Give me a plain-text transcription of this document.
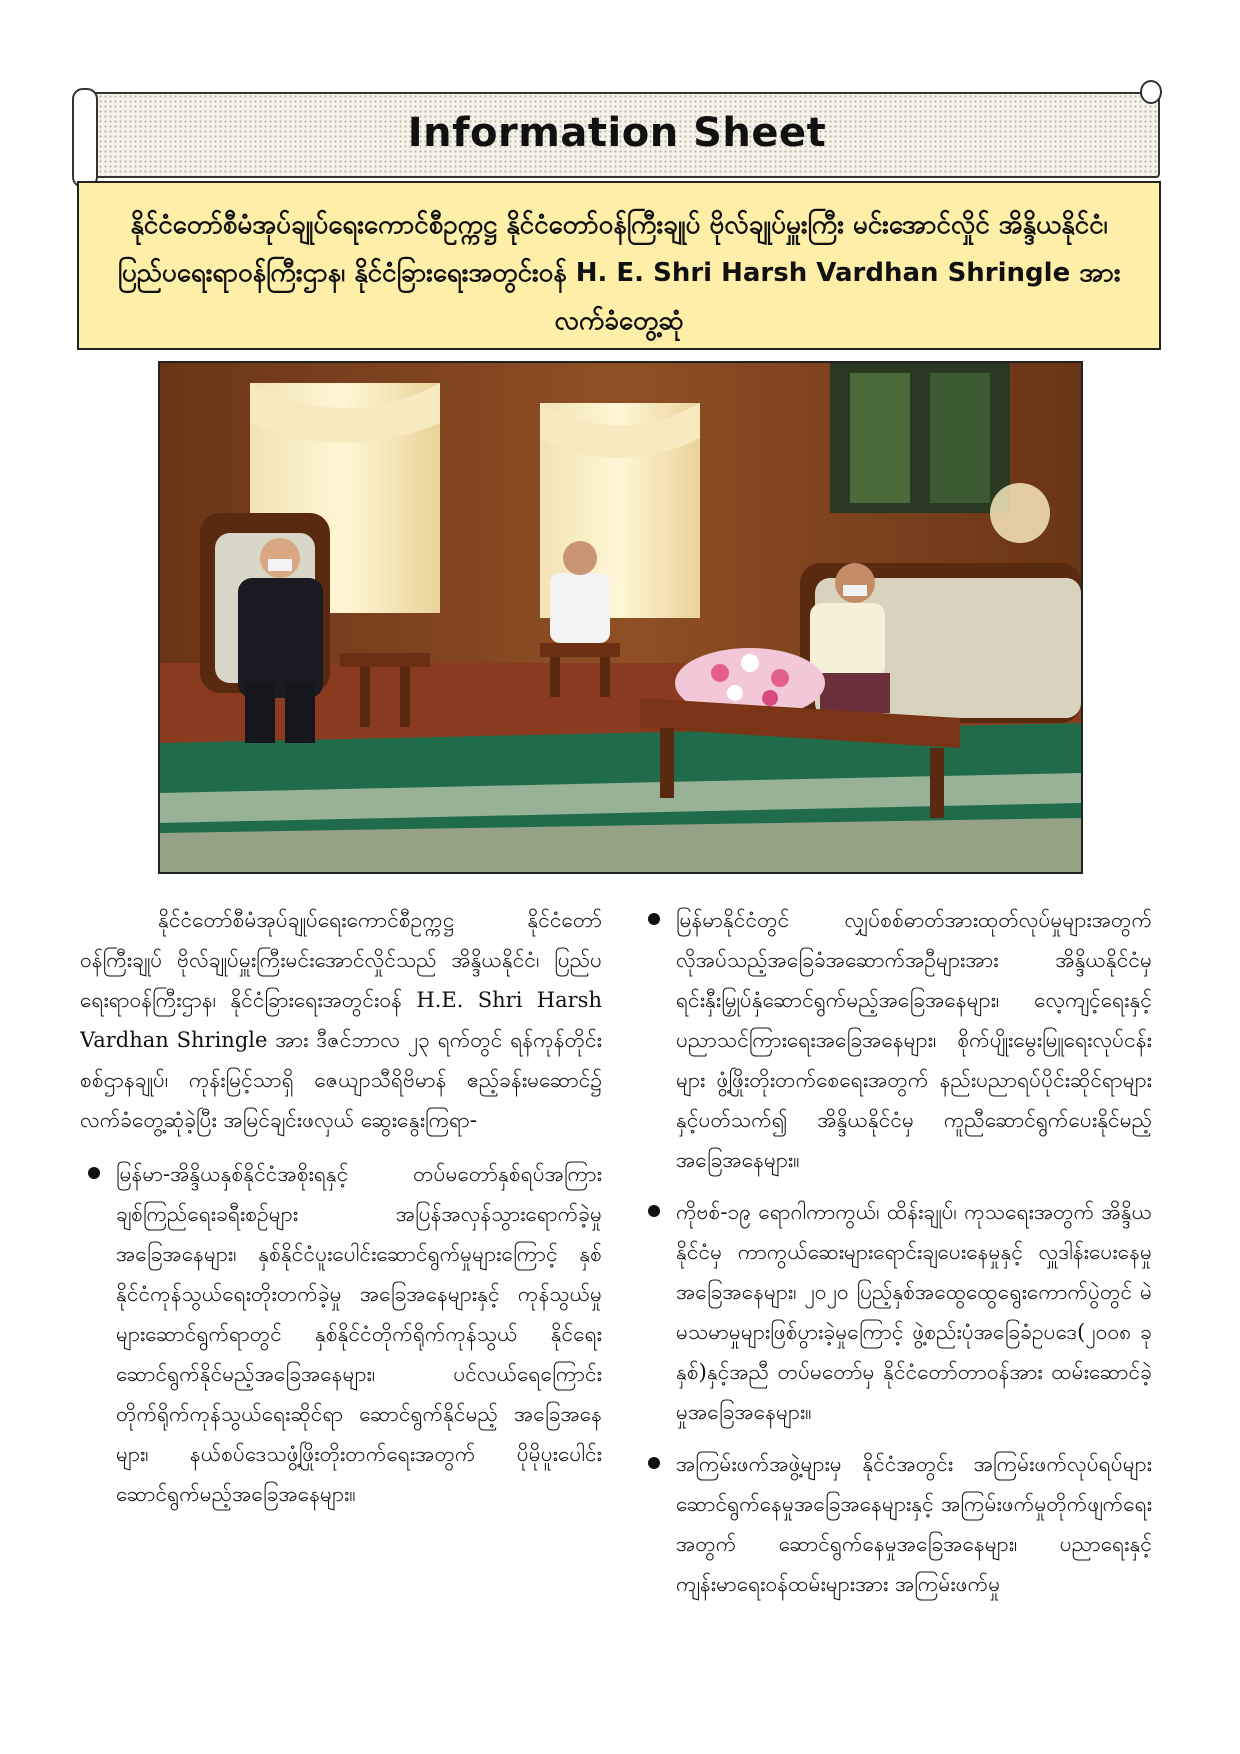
Information Sheet
နိုင်ငံတော်စီမံအုပ်ချုပ်ရေးကောင်စီဥက္ကဋ္ဌ နိုင်ငံတော်ဝန်ကြီးချုပ် ဗိုလ်ချုပ်မှူးကြီး မင်းအောင်လှိုင် အိန္ဒိယနိုင်ငံ၊ ပြည်ပရေးရာဝန်ကြီးဌာန၊ နိုင်ငံခြားရေးအတွင်းဝန် H. E. Shri Harsh Vardhan Shringle အား လက်ခံတွေ့ဆုံ

နိုင်ငံတော်စီမံအုပ်ချုပ်ရေးကောင်စီဥက္ကဋ္ဌ နိုင်ငံတော်ဝန်ကြီးချုပ် ဗိုလ်ချုပ်မှူးကြီးမင်းအောင်လှိုင်သည် အိန္ဒိယနိုင်ငံ၊ ပြည်ပရေးရာဝန်ကြီးဌာန၊ နိုင်ငံခြားရေးအတွင်းဝန် H.E. Shri Harsh Vardhan Shringle အား ဒီဇင်ဘာလ ၂၃ ရက်တွင် ရန်ကုန်တိုင်းစစ်ဌာနချုပ်၊ ကုန်းမြင့်သာရှိ ဇေယျာသီရိဗိမာန် ဧည့်ခန်းမဆောင်၌ လက်ခံတွေ့ဆုံခဲ့ပြီး အမြင်ချင်းဖလှယ် ဆွေးနွေးကြရာ-

မြန်မာ-အိန္ဒိယနှစ်နိုင်ငံအစိုးရနှင့် တပ်မတော်နှစ်ရပ်အကြား ချစ်ကြည်ရေးခရီးစဉ်များ အပြန်အလှန်သွားရောက်ခဲ့မှု အခြေအနေများ၊ နှစ်နိုင်ငံပူးပေါင်းဆောင်ရွက်မှုများကြောင့် နှစ်နိုင်ငံကုန်သွယ်ရေးတိုးတက်ခဲ့မှု အခြေအနေများနှင့် ကုန်သွယ်မှုများဆောင်ရွက်ရာတွင် နှစ်နိုင်ငံတိုက်ရိုက်ကုန်သွယ် နိုင်ရေးဆောင်ရွက်နိုင်မည့်အခြေအနေများ၊ ပင်လယ်ရေကြောင်းတိုက်ရိုက်ကုန်သွယ်ရေးဆိုင်ရာ ဆောင်ရွက်နိုင်မည့် အခြေအနေများ၊ နယ်စပ်ဒေသဖွံ့ဖြိုးတိုးတက်ရေးအတွက် ပိုမိုပူးပေါင်းဆောင်ရွက်မည့်အခြေအနေများ။
မြန်မာနိုင်ငံတွင် လျှပ်စစ်ဓာတ်အားထုတ်လုပ်မှုများအတွက် လိုအပ်သည့်အခြေခံအဆောက်အဦများအား အိန္ဒိယနိုင်ငံမှ ရင်းနှီးမြှုပ်နှံဆောင်ရွက်မည့်အခြေအနေများ၊ လေ့ကျင့်ရေးနှင့် ပညာသင်ကြားရေးအခြေအနေများ၊ စိုက်ပျိုးမွေးမြူရေးလုပ်ငန်းများ ဖွံ့ဖြိုးတိုးတက်စေရေးအတွက် နည်းပညာရပ်ပိုင်းဆိုင်ရာများနှင့်ပတ်သက်၍ အိန္ဒိယနိုင်ငံမှ ကူညီဆောင်ရွက်ပေးနိုင်မည့်အခြေအနေများ။
ကိုဗစ်-၁၉ ရောဂါကာကွယ်၊ ထိန်းချုပ်၊ ကုသရေးအတွက် အိန္ဒိယနိုင်ငံမှ ကာကွယ်ဆေးများရောင်းချပေးနေမှုနှင့် လှူဒါန်းပေးနေမှုအခြေအနေများ၊ ၂၀၂၀ ပြည့်နှစ်အထွေထွေရွေးကောက်ပွဲတွင် မဲမသမာမှုများဖြစ်ပွားခဲ့မှုကြောင့် ဖွဲ့စည်းပုံအခြေခံဥပဒေ(၂၀၀၈ ခုနှစ်)နှင့်အညီ တပ်မတော်မှ နိုင်ငံတော်တာဝန်အား ထမ်းဆောင်ခဲ့မှုအခြေအနေများ။
အကြမ်းဖက်အဖွဲ့များမှ နိုင်ငံအတွင်း အကြမ်းဖက်လုပ်ရပ်များဆောင်ရွက်နေမှုအခြေအနေများနှင့် အကြမ်းဖက်မှုတိုက်ဖျက်ရေးအတွက် ဆောင်ရွက်နေမှုအခြေအနေများ၊ ပညာရေးနှင့်ကျန်းမာရေးဝန်ထမ်းများအား အကြမ်းဖက်မှု
